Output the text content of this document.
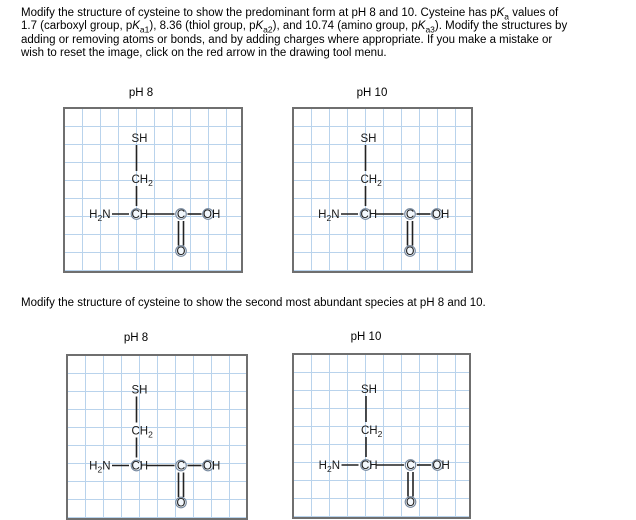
Modify the structure of cysteine to show the predominant form at pH 8 and 10. Cysteine has $pK_a$ values of
1.7 (carboxyl group, $pK_{a1}$), 8.36 (thiol group, $pK_{a2}$), and 10.74 (amino group, $pK_{a3}$). Modify the structures by
adding or removing atoms or bonds, and by adding charges where appropriate. If you make a mistake or
wish to reset the image, click on the red arrow in the drawing tool menu.
pH 8	pH 10
SH
CH2
H2N CH C
O
OH
SH
CH2
H2N CH C
O
OH
Modify the structure of cysteine to show the second most abundant species at pH 8 and 10.
pH 8	pH 10
SH
CH2
H2N CH C
O
OH
SH
CH2
H2N CH C
O
OH
